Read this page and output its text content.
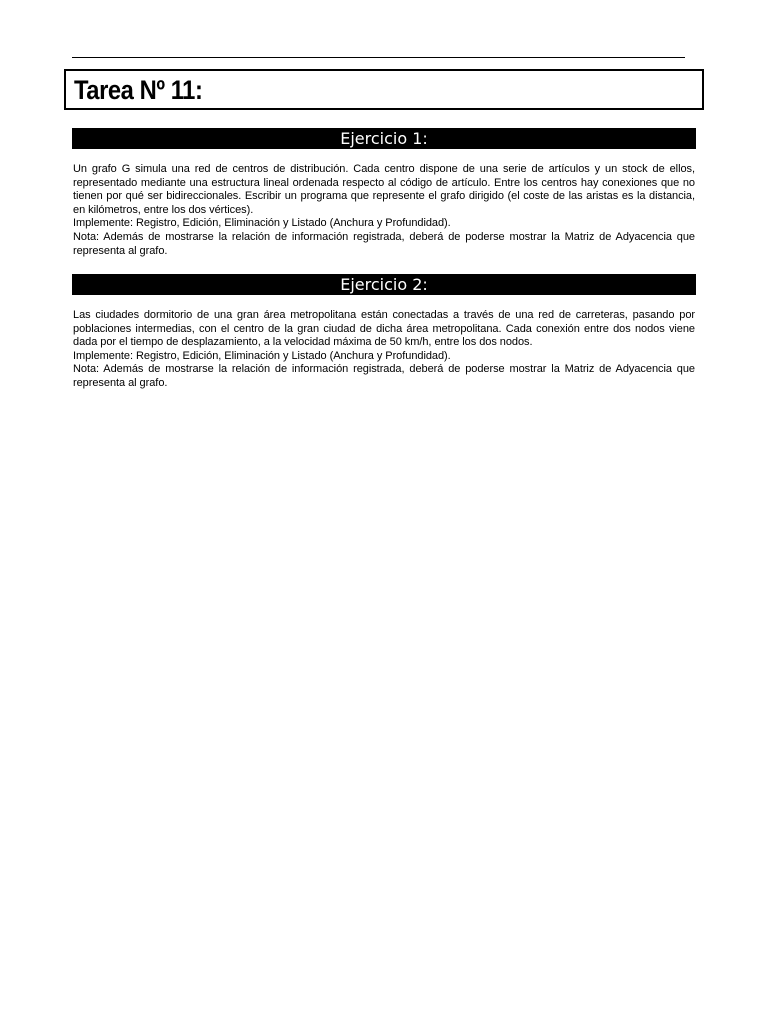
Tarea Nº 11:
Ejercicio 1:

Un grafo G simula una red de centros de distribución. Cada centro dispone de una serie de artículos y un stock de ellos, representado mediante una estructura lineal ordenada respecto al código de artículo. Entre los centros hay conexiones que no tienen por qué ser bidireccionales. Escribir un programa que represente el grafo dirigido (el coste de las aristas es la distancia, en kilómetros, entre los dos vértices).

Implemente: Registro, Edición, Eliminación y Listado (Anchura y Profundidad).

Nota: Además de mostrarse la relación de información registrada, deberá de poderse mostrar la Matriz de Adyacencia que representa al grafo.

Ejercicio 2:

Las ciudades dormitorio de una gran área metropolitana están conectadas a través de una red de carreteras, pasando por poblaciones intermedias, con el centro de la gran ciudad de dicha área metropolitana. Cada conexión entre dos nodos viene dada por el tiempo de desplazamiento, a la velocidad máxima de 50 km/h, entre los dos nodos.

Implemente: Registro, Edición, Eliminación y Listado (Anchura y Profundidad).

Nota: Además de mostrarse la relación de información registrada, deberá de poderse mostrar la Matriz de Adyacencia que representa al grafo.
